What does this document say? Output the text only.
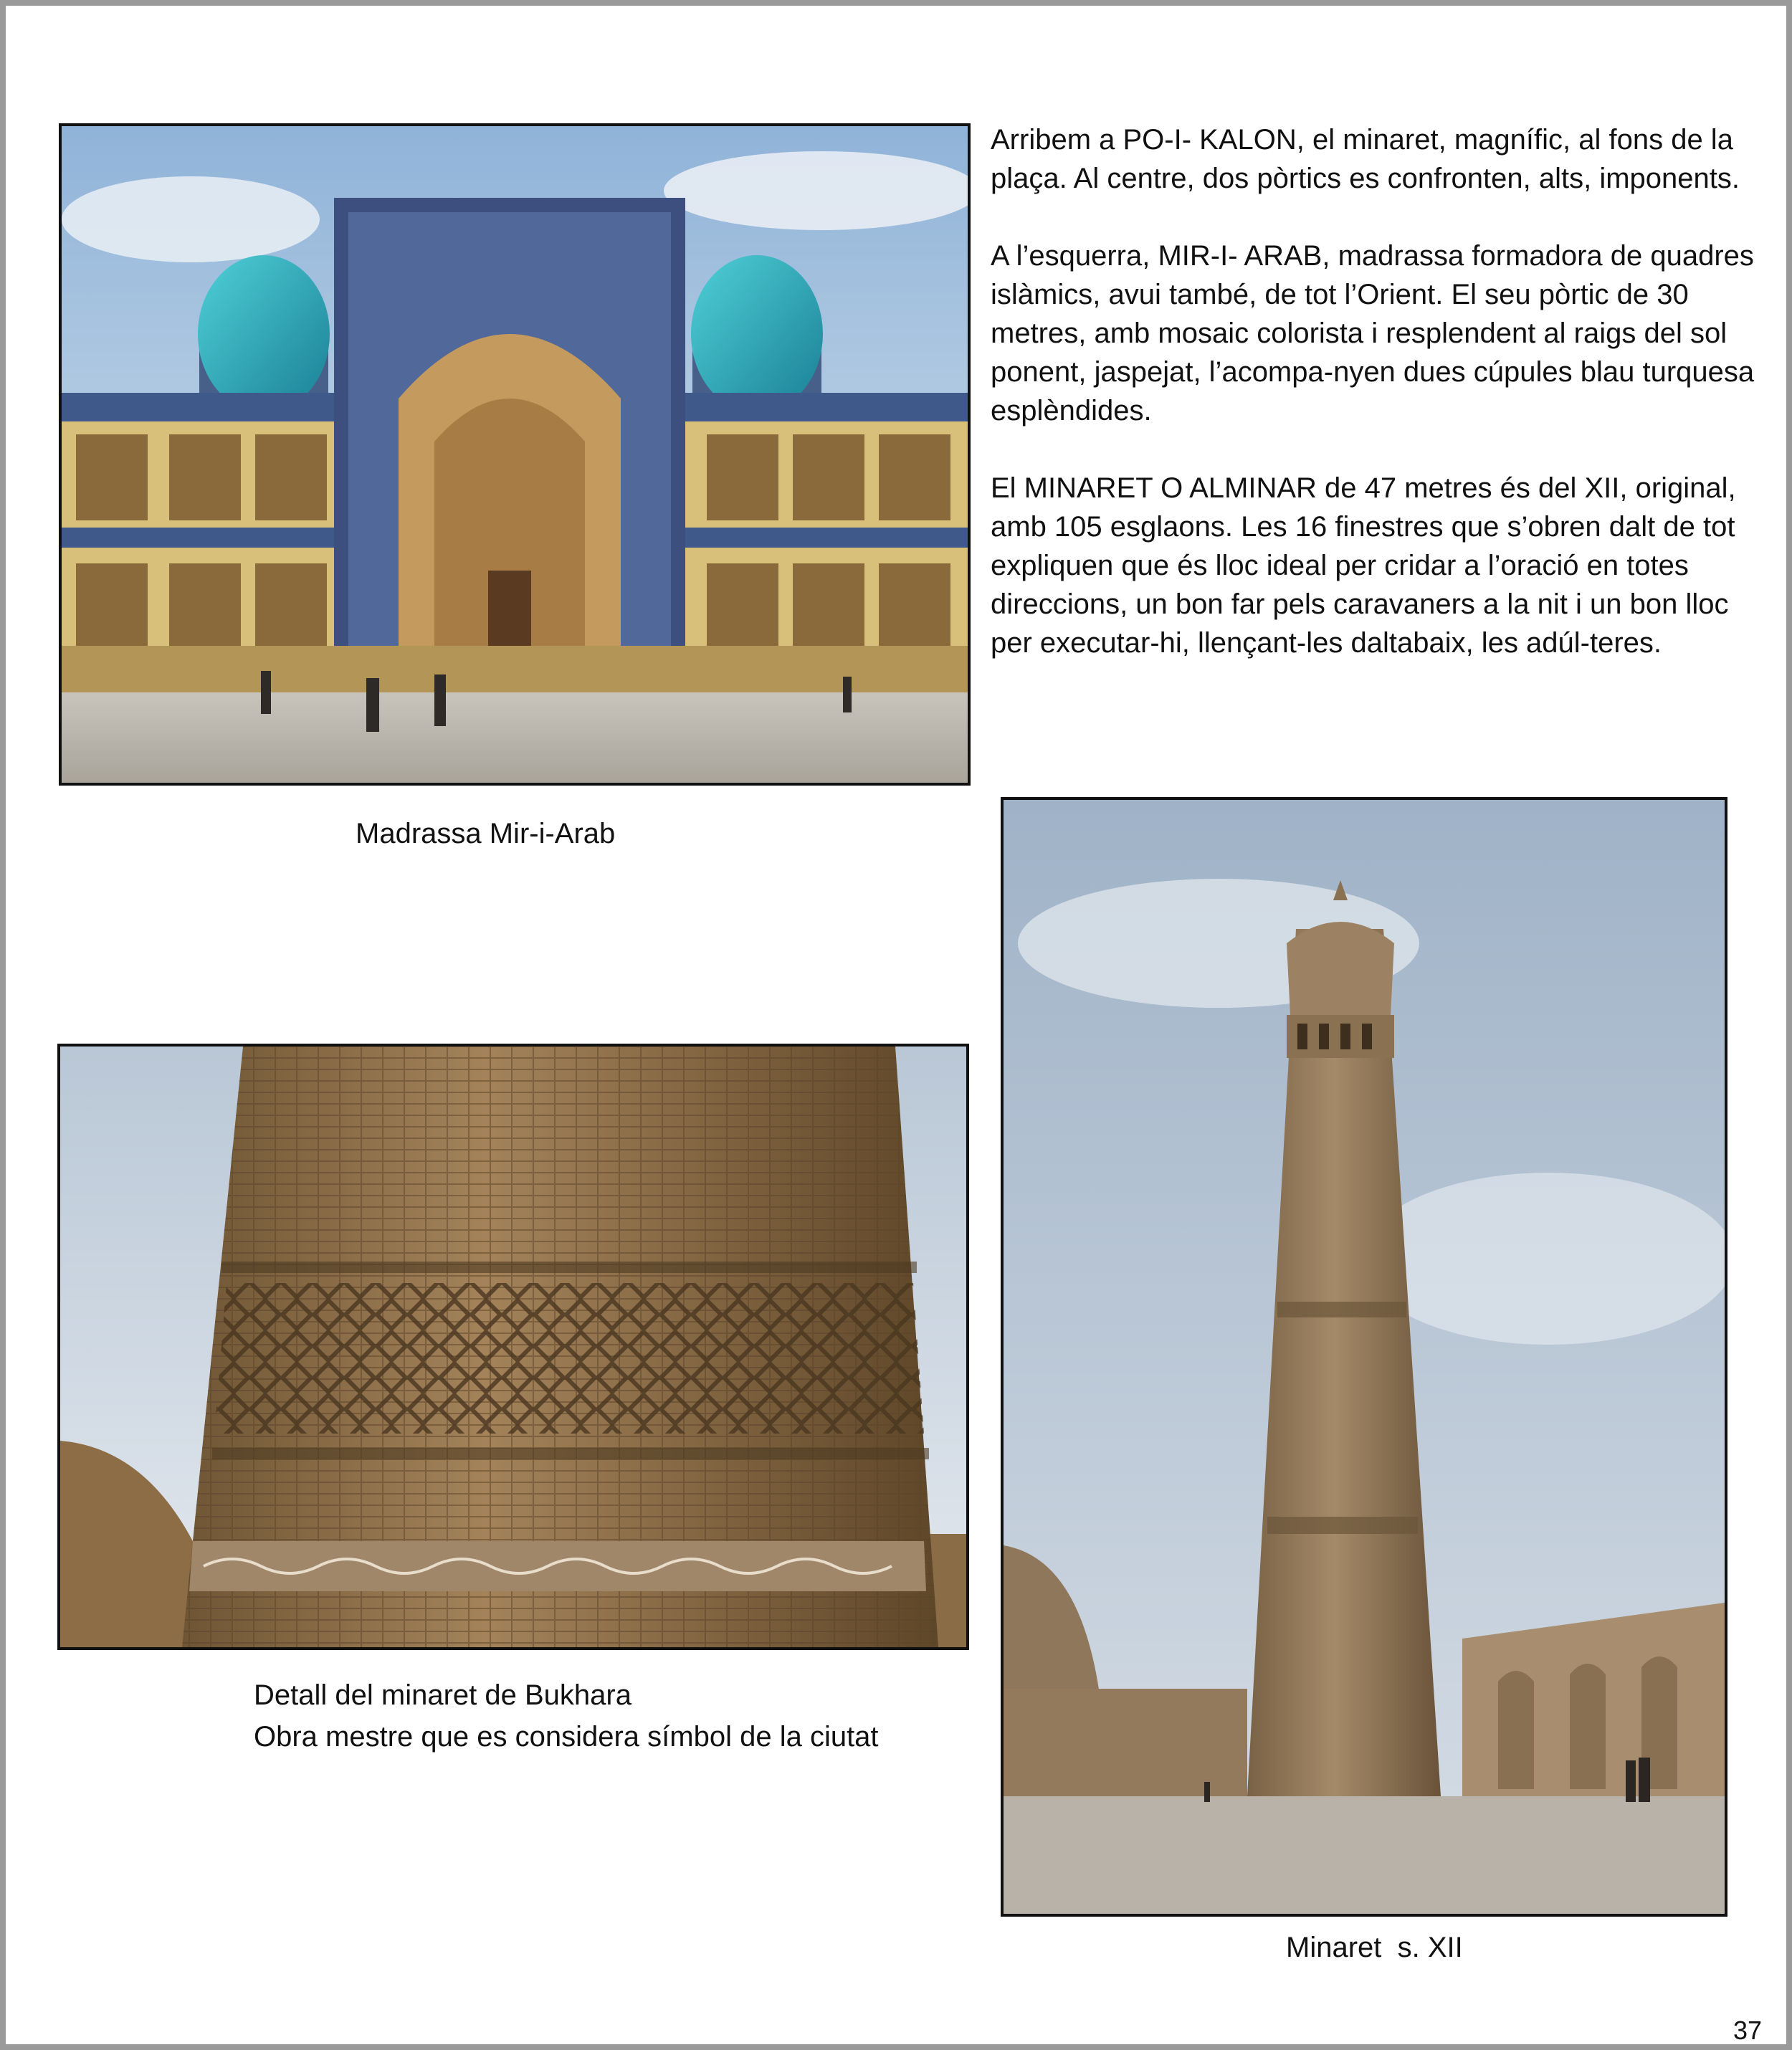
Arribem a PO-I- KALON, el minaret, magnífic, al fons de la plaça. Al centre, dos pòrtics es confronten, alts, imponents.

A l’esquerra, MIR-I- ARAB, madrassa formadora de quadres islàmics, avui també, de tot l’Orient. El seu pòrtic de 30 metres, amb mosaic colorista i resplendent al raigs del sol ponent, jaspejat, l’acompa-nyen dues cúpules blau turquesa esplèndides.

El MINARET O ALMINAR de 47 metres és del XII, original, amb 105 esglaons. Les 16 finestres que s’obren dalt de tot expliquen que és lloc ideal per cridar a l’oració en totes direccions, un bon far pels caravaners a la nit i un bon lloc per executar-hi, llençant-les daltabaix, les adúl-teres.

Madrassa Mir-i-Arab
Detall del minaret de Bukhara
Obra mestre que es considera símbol de la ciutat
Minaret  s. XII
37
